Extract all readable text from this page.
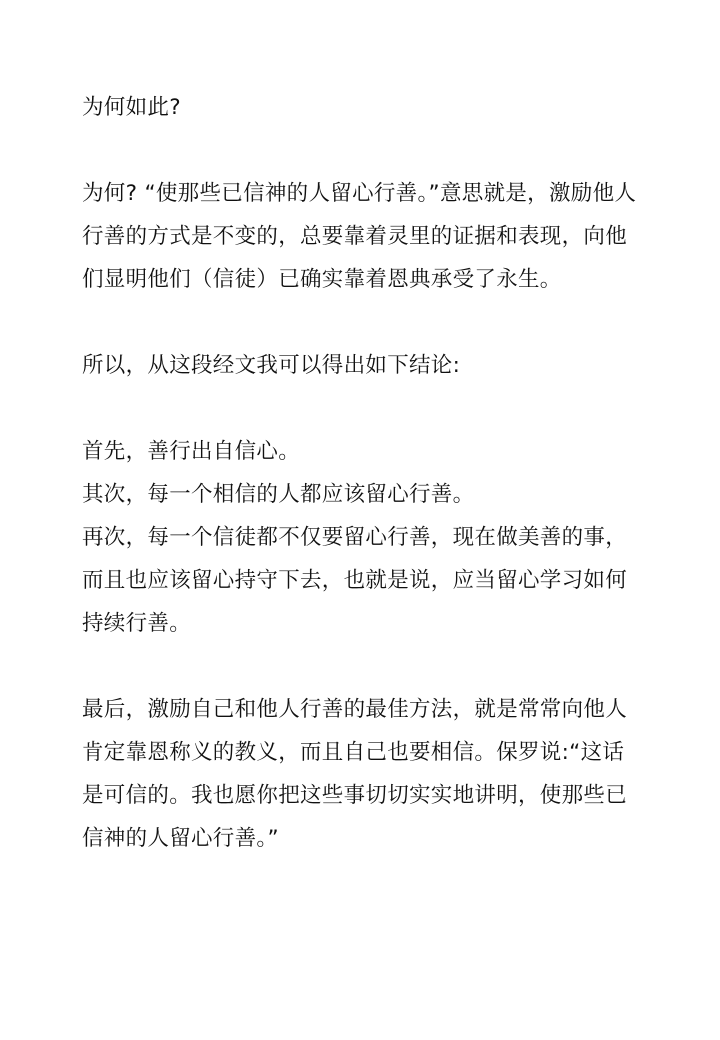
为何如此?

为何? “使那些已信神的人留心行善。”意思就是，激励他人行善的方式是不变的，总要靠着灵里的证据和表现，向他们显明他们（信徒）已确实靠着恩典承受了永生。

所以，从这段经文我可以得出如下结论:

首先，善行出自信心。

其次，每一个相信的人都应该留心行善。

再次，每一个信徒都不仅要留心行善，现在做美善的事，而且也应该留心持守下去，也就是说，应当留心学习如何持续行善。

最后，激励自己和他人行善的最佳方法，就是常常向他人肯定靠恩称义的教义，而且自己也要相信。保罗说:“这话是可信的。我也愿你把这些事切切实实地讲明，使那些已信神的人留心行善。”
